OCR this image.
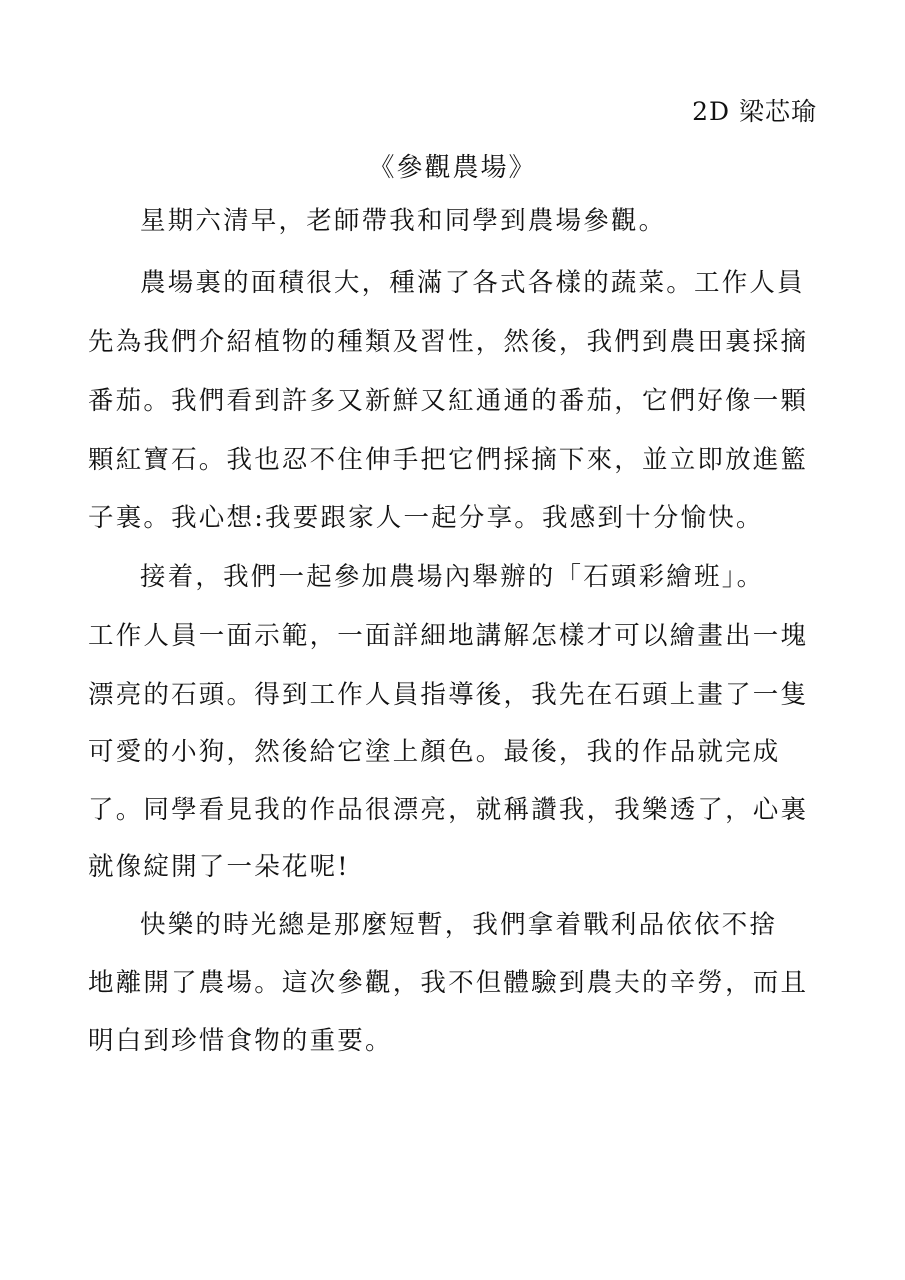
2D 梁芯瑜
《參觀農場》
星期六清早，老師帶我和同學到農場參觀。
農場裏的面積很大，種滿了各式各樣的蔬菜。工作人員
先為我們介紹植物的種類及習性，然後，我們到農田裏採摘
番茄。我們看到許多又新鮮又紅通通的番茄，它們好像一顆
顆紅寶石。我也忍不住伸手把它們採摘下來，並立即放進籃
子裏。我心想:我要跟家人一起分享。我感到十分愉快。
接着，我們一起參加農場內舉辦的「石頭彩繪班」。
工作人員一面示範，一面詳細地講解怎樣才可以繪畫出一塊
漂亮的石頭。得到工作人員指導後，我先在石頭上畫了一隻
可愛的小狗，然後給它塗上顏色。最後，我的作品就完成
了。同學看見我的作品很漂亮，就稱讚我，我樂透了，心裏
就像綻開了一朵花呢!
快樂的時光總是那麼短暫，我們拿着戰利品依依不捨
地離開了農場。這次參觀，我不但體驗到農夫的辛勞，而且
明白到珍惜食物的重要。
